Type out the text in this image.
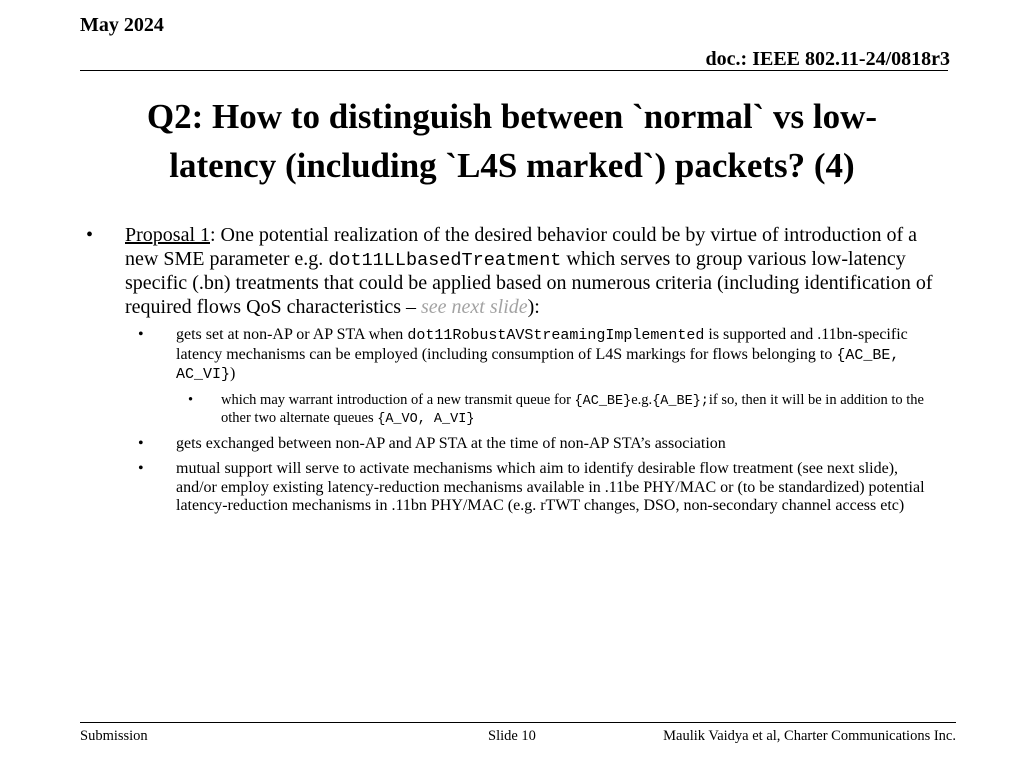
May 2024
doc.: IEEE 802.11-24/0818r3
Q2: How to distinguish between `normal` vs low-
latency (including `L4S marked`) packets? (4)
• Proposal 1: One potential realization of the desired behavior could be by virtue of introduction of a new SME parameter e.g. dot11LLbasedTreatment which serves to group various low-latency specific (.bn) treatments that could be applied based on numerous criteria (including identification of required flows QoS characteristics – see next slide):
• gets set at non-AP or AP STA when dot11RobustAVStreamingImplemented is supported and .11bn-specific latency mechanisms can be employed (including consumption of L4S markings for flows belonging to {AC_BE, AC_VI})
• which may warrant introduction of a new transmit queue for {AC_BE}e.g.{A_BE};if so, then it will be in addition to the other two alternate queues {A_VO, A_VI}
• gets exchanged between non-AP and AP STA at the time of non-AP STA’s association
• mutual support will serve to activate mechanisms which aim to identify desirable flow treatment (see next slide), and/or employ existing latency-reduction mechanisms available in .11be PHY/MAC or (to be standardized) potential latency-reduction mechanisms in .11bn PHY/MAC (e.g. rTWT changes, DSO, non-secondary channel access etc)
Submission	Slide 10	Maulik Vaidya et al, Charter Communications Inc.
